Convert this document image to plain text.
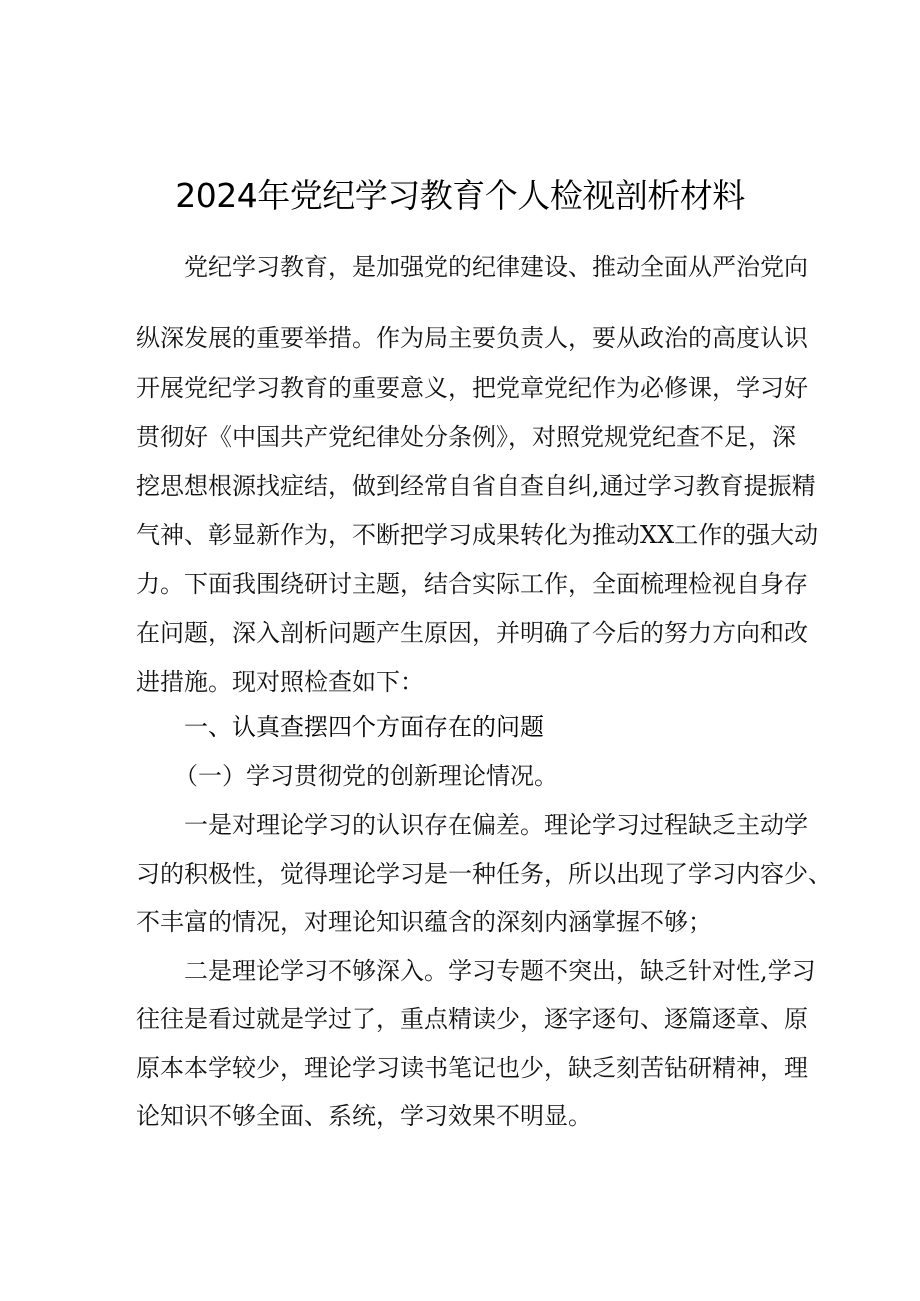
2024年党纪学习教育个人检视剖析材料
党纪学习教育，是加强党的纪律建设、推动全面从严治党向
纵深发展的重要举措。作为局主要负责人，要从政治的高度认识
开展党纪学习教育的重要意义，把党章党纪作为必修课，学习好
贯彻好《中国共产党纪律处分条例》，对照党规党纪查不足，深
挖思想根源找症结，做到经常自省自查自纠,通过学习教育提振精
气神、彰显新作为，不断把学习成果转化为推动XX工作的强大动
力。下面我围绕研讨主题，结合实际工作，全面梳理检视自身存
在问题，深入剖析问题产生原因，并明确了今后的努力方向和改
进措施。现对照检查如下：
一、认真查摆四个方面存在的问题
（一）学习贯彻党的创新理论情况。
一是对理论学习的认识存在偏差。理论学习过程缺乏主动学
习的积极性，觉得理论学习是一种任务，所以出现了学习内容少、
不丰富的情况，对理论知识蕴含的深刻内涵掌握不够；
二是理论学习不够深入。学习专题不突出，缺乏针对性,学习
往往是看过就是学过了，重点精读少，逐字逐句、逐篇逐章、原
原本本学较少，理论学习读书笔记也少，缺乏刻苦钻研精神，理
论知识不够全面、系统，学习效果不明显。
